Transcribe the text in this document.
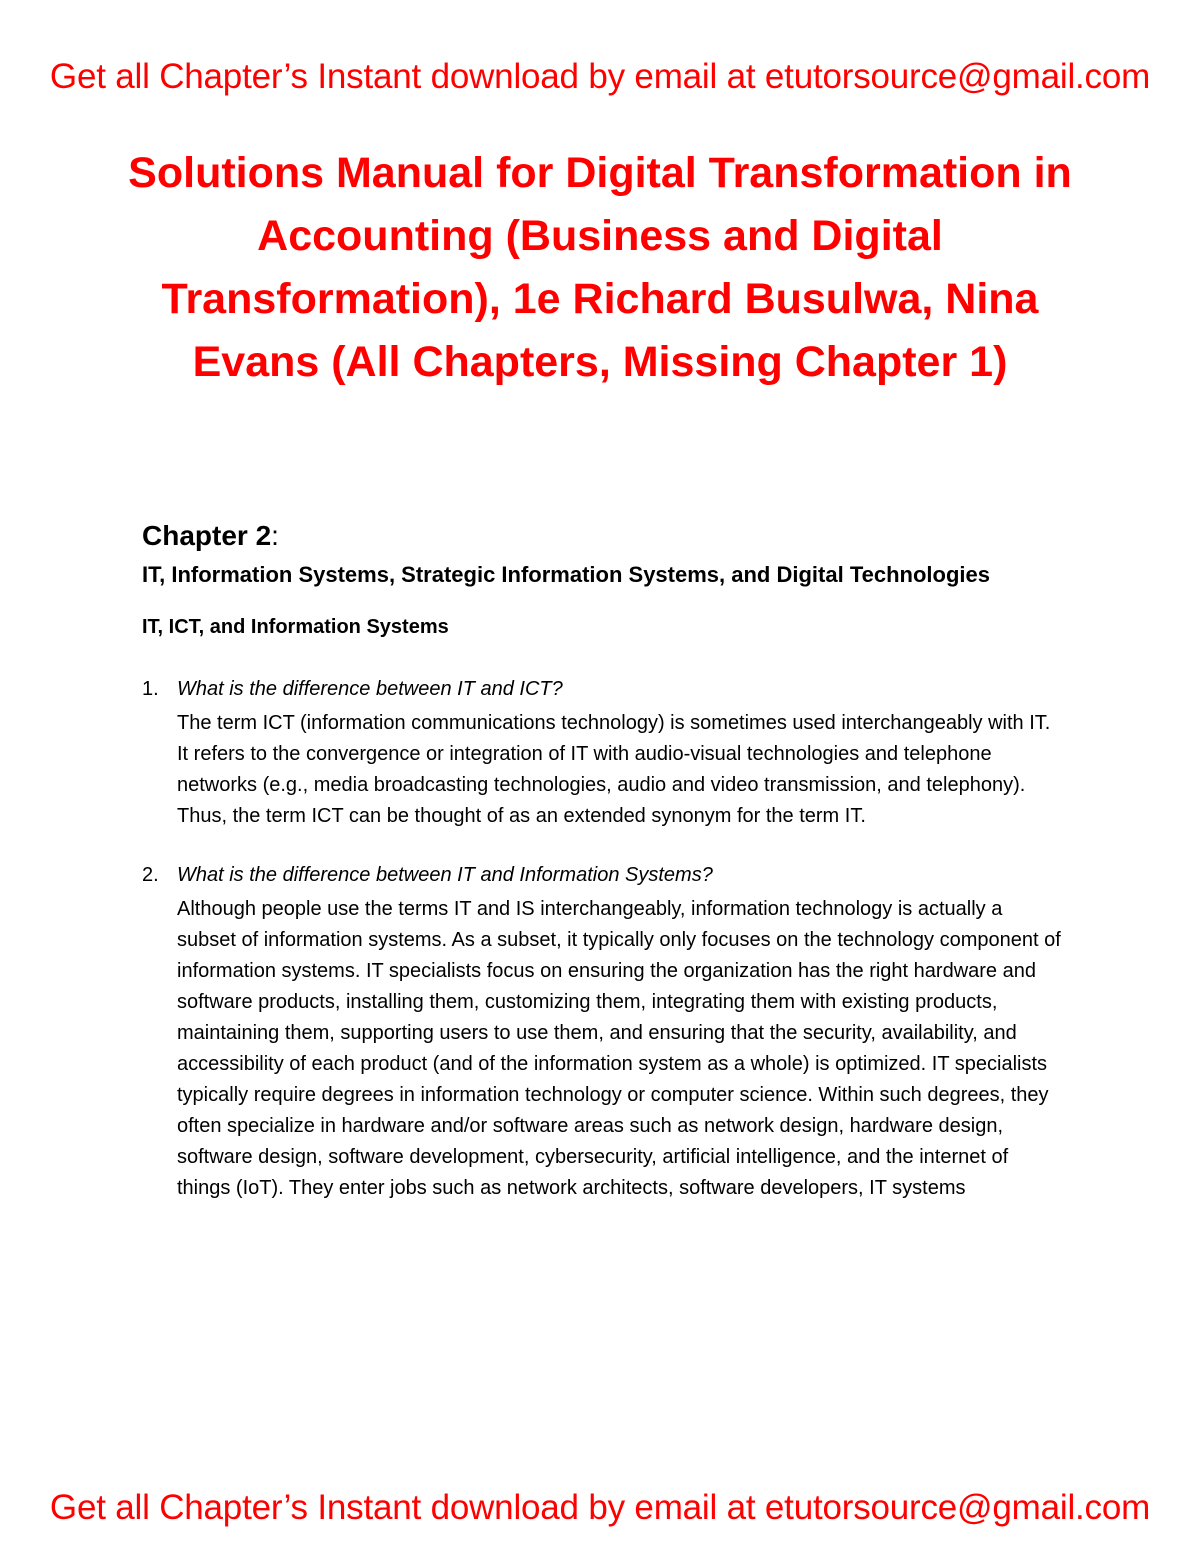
Get all Chapter’s Instant download by email at etutorsource@gmail.com
Solutions Manual for Digital Transformation in Accounting (Business and Digital Transformation), 1e Richard Busulwa, Nina Evans (All Chapters, Missing Chapter 1)
Chapter 2:
IT, Information Systems, Strategic Information Systems, and Digital Technologies
IT, ICT, and Information Systems
1. What is the difference between IT and ICT?

The term ICT (information communications technology) is sometimes used interchangeably with IT. It refers to the convergence or integration of IT with audio-visual technologies and telephone networks (e.g., media broadcasting technologies, audio and video transmission, and telephony). Thus, the term ICT can be thought of as an extended synonym for the term IT.

2. What is the difference between IT and Information Systems?

Although people use the terms IT and IS interchangeably, information technology is actually a subset of information systems. As a subset, it typically only focuses on the technology component of information systems. IT specialists focus on ensuring the organization has the right hardware and software products, installing them, customizing them, integrating them with existing products, maintaining them, supporting users to use them, and ensuring that the security, availability, and accessibility of each product (and of the information system as a whole) is optimized. IT specialists typically require degrees in information technology or computer science. Within such degrees, they often specialize in hardware and/or software areas such as network design, hardware design, software design, software development, cybersecurity, artificial intelligence, and the internet of things (IoT). They enter jobs such as network architects, software developers, IT systems

Get all Chapter’s Instant download by email at etutorsource@gmail.com
